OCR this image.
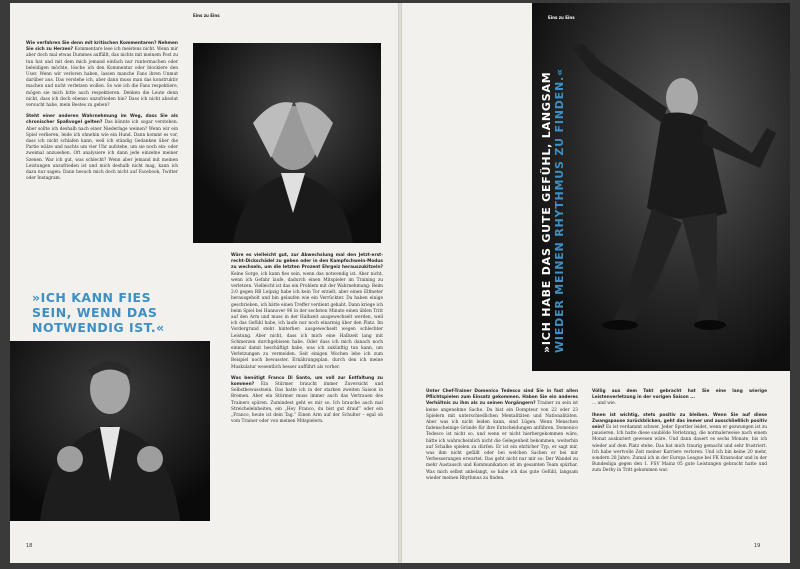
Eins zu Eins

Wie verfahren Sie denn mit kritischen Kommentaren? Nehmen Sie sich zu Herzen? Kommentare lese ich meistens nicht. Wenn mir aber doch mal etwas Dummes auffällt, das nichts mit meinem Post zu tun hat und mit dem mich jemand einfach nur runtermachen oder beleidigen möchte, lösche ich den Kommentar oder blockiere den User. Wenn wir verloren haben, lassen manche Fans ihren Unmut darüber aus. Das verstehe ich, aber dann muss man das konstruktiv machen und nicht verletzen wollen. So wie ich die Fans respektiere, mögen sie mich bitte auch respektieren. Denken die Leute denn nicht, dass ich doch ebenso unzufrieden bin? Dass ich nicht absolut versucht habe, mein Bestes zu geben?

Steht einer anderen Wahrnehmung im Weg, dass Sie als chronischer Spaßvogel gelten? Das könnte ich sogar verstehen. Aber sollte ich deshalb nach einer Niederlage weinen? Wenn wir ein Spiel verlieren, leide ich ohnehin wie ein Hund. Dann kommt es vor, dass ich nicht schlafen kann, weil ich ständig Gedanken über die Partie wälze und nachts um vier Uhr aufstehe, um sie noch ein- oder zweimal anzusehen. Oft analysiere ich dann jede einzelne meiner Szenen. War ich gut, was schlecht? Wenn aber jemand mit meinen Leistungen unzufrieden ist und mich deshalb nicht mag, kann ich dazu nur sagen: Dann besuch mich doch nicht auf Facebook, Twitter oder Instagram.

»ICH KANN FIES SEIN, WENN DAS NOTWENDIG IST.«

Wäre es vielleicht gut, zur Abwechslung mal den Jetzt-erst-recht-Dickschädel zu geben oder in den Kampfschwein-Modus zu wechseln, um die letzten Prozent Ehrgeiz herauszukitzeln? Keine Sorge, ich kann fies sein, wenn das notwendig ist. Aber nicht, wenn ich Gefahr laufe, dadurch einen Mitspieler im Training zu verletzen. Vielleicht ist das ein Problem mit der Wahrnehmung: Beim 2:0 gegen RB Leipzig habe ich kein Tor erzielt, aber einen Elfmeter herausgeholt und bin gelaufen wie ein Verrückter. Da haben einige geschrieben, ich hätte einen Treffer verdient gehabt. Dann kriege ich beim Spiel bei Hannover 96 in der sechsten Minute einen üblen Tritt auf den Arm und muss in der Halbzeit ausgewechselt werden, weil ich das Gefühl habe, ich laufe nur noch einarmig über den Platz. Im Vordergrund steht hinterher: ausgewechselt wegen schlechter Leistung. Aber nicht, dass ich mich eine Halbzeit lang mit Schmerzen durchgebissen habe. Oder dass ich mich danach noch einmal damit beschäftigt habe, was ich zukünftig tun kann, um Verletzungen zu vermeiden. Seit einigen Wochen lebe ich zum Beispiel noch bewusster. Ernährungsplan, durch den ich meine Muskulatur wesentlich besser aufführt als vorher.

Was benötigt Franco Di Santo, um voll zur Entfaltung zu kommen? Ein Stürmer braucht immer Zuversicht und Selbstbewusstsein. Das hatte ich in der starken zweiten Saison in Bremen. Aber ein Stürmer muss immer auch das Vertrauen des Trainers spüren. Zumindest geht es mir so. Ich brauche auch mal Streicheleinheiten, ein „Hey Franco, du bist gut drauf“ oder ein „Franco, heute ist dein Tag.“ Einen Arm auf der Schulter – egal ob vom Trainer oder von meinen Mitspielern.

18
Eins zu Eins
»ICH HABE DAS GUTE GEFÜHL, LANGSAM WIEDER MEINEN RHYTHMUS ZU FINDEN.«

Unter Chef-Trainer Domenico Tedesco sind Sie in fast allen Pflichtspielen zum Einsatz gekommen. Haben Sie ein anderes Verhältnis zu ihm als zu seinen Vorgängern? Trainer zu sein ist keine angenehme Sache. Du bist ein Dompteur von 22 oder 23 Spielern mit unterschiedlichen Mentalitäten und Nationalitäten. Aber was ich nicht leiden kann, sind Lügen. Wenn Menschen fadenscheinige Gründe für ihre Entscheidungen anführen. Domenico Tedesco ist nicht so, und wenn er nicht hierhergekommen wäre, hätte ich wahrscheinlich nicht die Gelegenheit bekommen, weiterhin auf Schalke spielen zu dürfen. Er ist ein ehrlicher Typ, er sagt mir, was ihm nicht gefällt oder bei welchen Sachen er bei mir Verbesserungen erwartet. Das geht nicht nur mir so: Der Wandel zu mehr Austausch und Kommunikation ist im gesamten Team spürbar. Was mich selbst anbelangt, so habe ich das gute Gefühl, langsam wieder meinen Rhythmus zu finden.

Völlig aus dem Takt gebracht hat Sie eine lang wierige Leistenverletzung in der vorigen Saison ...
... und wie.

Ihnen ist wichtig, stets positiv zu bleiben. Wenn Sie auf diese Zwangspause zurückblicken, geht das immer und ausschließlich positiv sein? Es ist verdammt schwer. Jeder Sportler leidet, wenn er gezwungen ist zu pausieren. Ich hatte diese saublöde Verletzung, die normalerweise nach einem Monat auskuriert gewesen wäre. Und dann dauert es sechs Monate, bis ich wieder auf dem Platz stehe. Das hat mich traurig gemacht und sehr frustriert. Ich habe wertvolle Zeit meiner Karriere verloren. Und ich bin keine 20 mehr, sondern 28 Jahre. Zumal ich in der Europa League bei FK Krasnodar und in der Bundesliga gegen den 1. FSV Mainz 05 gute Leistungen gebracht hatte und zum Derby in Tritt gekommen war.

19
